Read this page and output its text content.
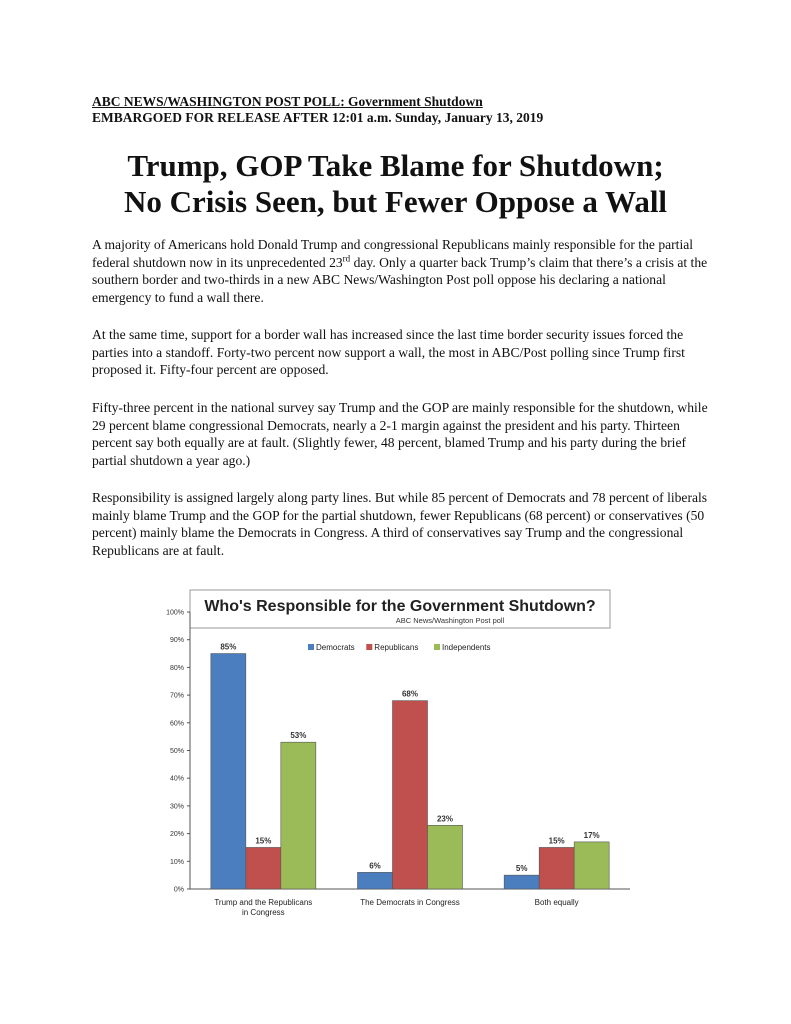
ABC NEWS/WASHINGTON POST POLL: Government Shutdown
EMBARGOED FOR RELEASE AFTER 12:01 a.m. Sunday, January 13, 2019
Trump, GOP Take Blame for Shutdown;
No Crisis Seen, but Fewer Oppose a Wall

A majority of Americans hold Donald Trump and congressional Republicans mainly responsible for the partial federal shutdown now in its unprecedented 23rd day. Only a quarter back Trump’s claim that there’s a crisis at the southern border and two-thirds in a new ABC News/Washington Post poll oppose his declaring a national emergency to fund a wall there.

At the same time, support for a border wall has increased since the last time border security issues forced the parties into a standoff. Forty-two percent now support a wall, the most in ABC/Post polling since Trump first proposed it. Fifty-four percent are opposed.

Fifty-three percent in the national survey say Trump and the GOP are mainly responsible for the shutdown, while 29 percent blame congressional Democrats, nearly a 2-1 margin against the president and his party. Thirteen percent say both equally are at fault. (Slightly fewer, 48 percent, blamed Trump and his party during the brief partial shutdown a year ago.)

Responsibility is assigned largely along party lines. But while 85 percent of Democrats and 78 percent of liberals mainly blame Trump and the GOP for the partial shutdown, fewer Republicans (68 percent) or conservatives (50 percent) mainly blame the Democrats in Congress. A third of conservatives say Trump and the congressional Republicans are at fault.

Who's Responsible for the Government Shutdown?
ABC News/Washington Post poll
Democrats Republicans	Independents
0%
10%
20%
30%
40%
50%
60%
70%
80%
90%
100%
85%
15%
53%
6%
68%
23%
5%
15%
17%
Trump and the Republicans
in Congress
The Democrats in Congress	Both equally
